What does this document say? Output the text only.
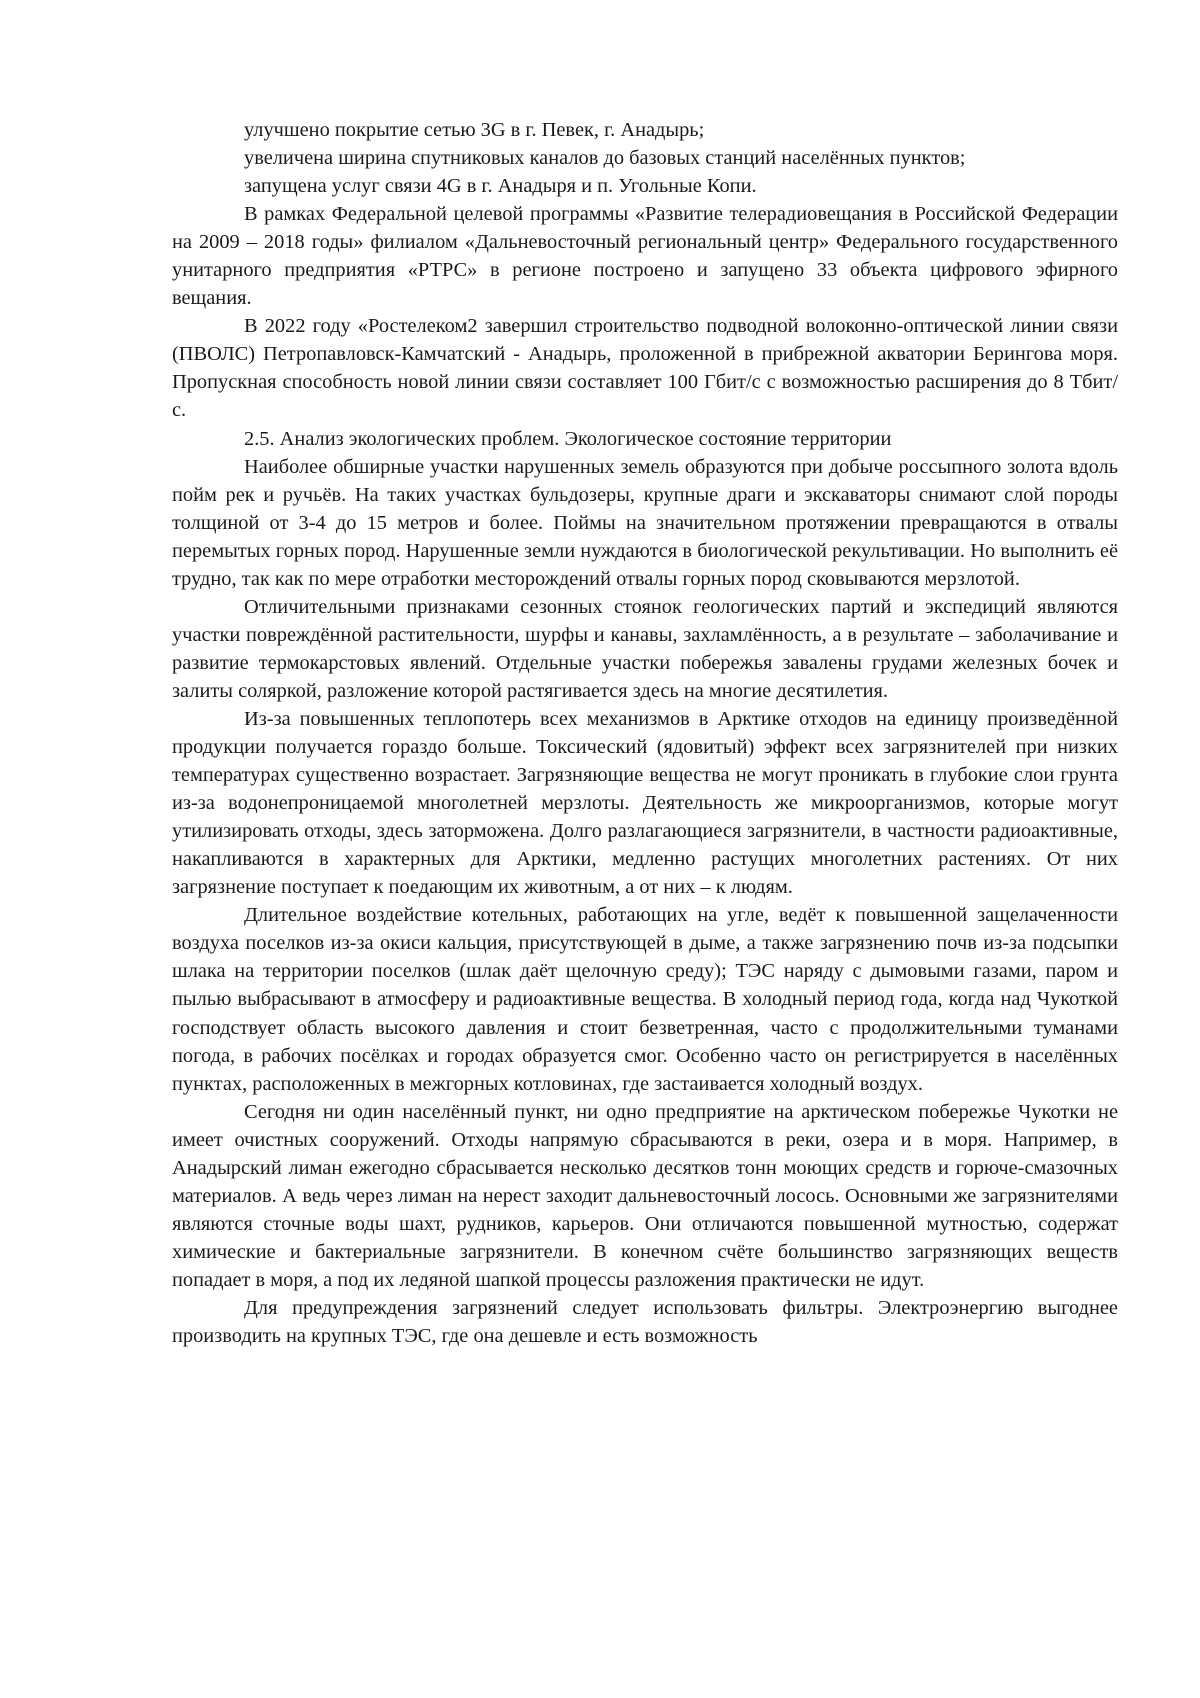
улучшено покрытие сетью 3G в г. Певек, г. Анадырь;

увеличена ширина спутниковых каналов до базовых станций населённых пунктов;

запущена услуг связи 4G в г. Анадыря и п. Угольные Копи.

В рамках Федеральной целевой программы «Развитие телерадиовещания в Российской Федерации на 2009 – 2018 годы» филиалом «Дальневосточный региональный центр» Федерального государственного унитарного предприятия «РТРС» в регионе построено и запущено 33 объекта цифрового эфирного вещания.

В 2022 году «Ростелеком2 завершил строительство подводной волоконно-оптической линии связи (ПВОЛС) Петропавловск-Камчатский - Анадырь, проложенной в прибрежной акватории Берингова моря. Пропускная способность новой линии связи составляет 100 Гбит/с с возможностью расширения до 8 Тбит/с.

2.5. Анализ экологических проблем. Экологическое состояние территории

Наиболее обширные участки нарушенных земель образуются при добыче россыпного золота вдоль пойм рек и ручьёв. На таких участках бульдозеры, крупные драги и экскаваторы снимают слой породы толщиной от 3-4 до 15 метров и более. Поймы на значительном протяжении превращаются в отвалы перемытых горных пород. Нарушенные земли нуждаются в биологической рекультивации. Но выполнить её трудно, так как по мере отработки месторождений отвалы горных пород сковываются мерзлотой.

Отличительными признаками сезонных стоянок геологических партий и экспедиций являются участки повреждённой растительности, шурфы и канавы, захламлённость, а в результате – заболачивание и развитие термокарстовых явлений. Отдельные участки побережья завалены грудами железных бочек и залиты соляркой, разложение которой растягивается здесь на многие десятилетия.

Из-за повышенных теплопотерь всех механизмов в Арктике отходов на единицу произведённой продукции получается гораздо больше. Токсический (ядовитый) эффект всех загрязнителей при низких температурах существенно возрастает. Загрязняющие вещества не могут проникать в глубокие слои грунта из-за водонепроницаемой многолетней мерзлоты. Деятельность же микроорганизмов, которые могут утилизировать отходы, здесь заторможена. Долго разлагающиеся загрязнители, в частности радиоактивные, накапливаются в характерных для Арктики, медленно растущих многолетних растениях. От них загрязнение поступает к поедающим их животным, а от них – к людям.

Длительное воздействие котельных, работающих на угле, ведёт к повышенной защелаченности воздуха поселков из-за окиси кальция, присутствующей в дыме, а также загрязнению почв из-за подсыпки шлака на территории поселков (шлак даёт щелочную среду); ТЭС наряду с дымовыми газами, паром и пылью выбрасывают в атмосферу и радиоактивные вещества. В холодный период года, когда над Чукоткой господствует область высокого давления и стоит безветренная, часто с продолжительными туманами погода, в рабочих посёлках и городах образуется смог. Особенно часто он регистрируется в населённых пунктах, расположенных в межгорных котловинах, где застаивается холодный воздух.

Сегодня ни один населённый пункт, ни одно предприятие на арктическом побережье Чукотки не имеет очистных сооружений. Отходы напрямую сбрасываются в реки, озера и в моря. Например, в Анадырский лиман ежегодно сбрасывается несколько десятков тонн моющих средств и горюче-смазочных материалов. А ведь через лиман на нерест заходит дальневосточный лосось. Основными же загрязнителями являются сточные воды шахт, рудников, карьеров. Они отличаются повышенной мутностью, содержат химические и бактериальные загрязнители. В конечном счёте большинство загрязняющих веществ попадает в моря, а под их ледяной шапкой процессы разложения практически не идут.

Для предупреждения загрязнений следует использовать фильтры. Электроэнергию выгоднее производить на крупных ТЭС, где она дешевле и есть возможность
